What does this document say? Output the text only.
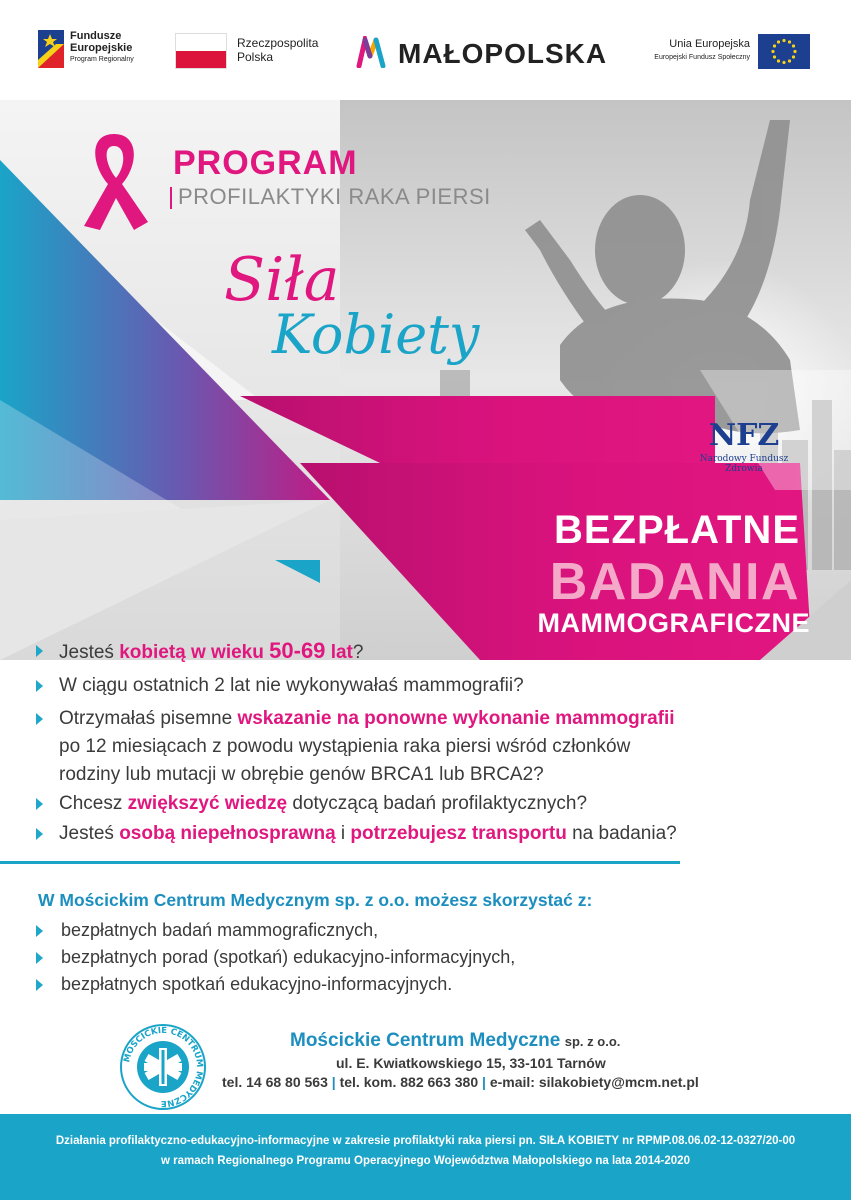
Fundusze
Europejskie
Program Regionalny
Rzeczpospolita
Polska	MAŁOPOLSKA	Unia Europejska
Europejski Fundusz Społeczny
PROGRAM
PROFILAKTYKI RAKA PIERSI
Siła
Kobiety
NFZ
Narodowy Fundusz Zdrowia
BEZPŁATNE
BADANIA
MAMMOGRAFICZNE
Jesteś kobietą w wieku 50-69 lat?
W ciągu ostatnich 2 lat nie wykonywałaś mammografii?
Otrzymałaś pisemne wskazanie na ponowne wykonanie mammografii
po 12 miesiącach z powodu wystąpienia raka piersi wśród członków
rodziny lub mutacji w obrębie genów BRCA1 lub BRCA2?
Chcesz zwiększyć wiedzę dotyczącą badań profilaktycznych?
Jesteś osobą niepełnosprawną i potrzebujesz transportu na badania?
W Mościckim Centrum Medycznym sp. z o.o. możesz skorzystać z:
bezpłatnych badań mammograficznych,
bezpłatnych porad (spotkań) edukacyjno-informacyjnych,
bezpłatnych spotkań edukacyjno-informacyjnych.
MOŚCICKIE CENTRUM MEDYCZNE
Mościckie Centrum Medyczne sp. z o.o.
ul. E. Kwiatkowskiego 15, 33-101 Tarnów
tel. 14 68 80 563 | tel. kom. 882 663 380 | e-mail: silakobiety@mcm.net.pl
Działania profilaktyczno-edukacyjno-informacyjne w zakresie profilaktyki raka piersi pn. SIŁA KOBIETY nr RPMP.08.06.02-12-0327/20-00
w ramach Regionalnego Programu Operacyjnego Województwa Małopolskiego na lata 2014-2020
